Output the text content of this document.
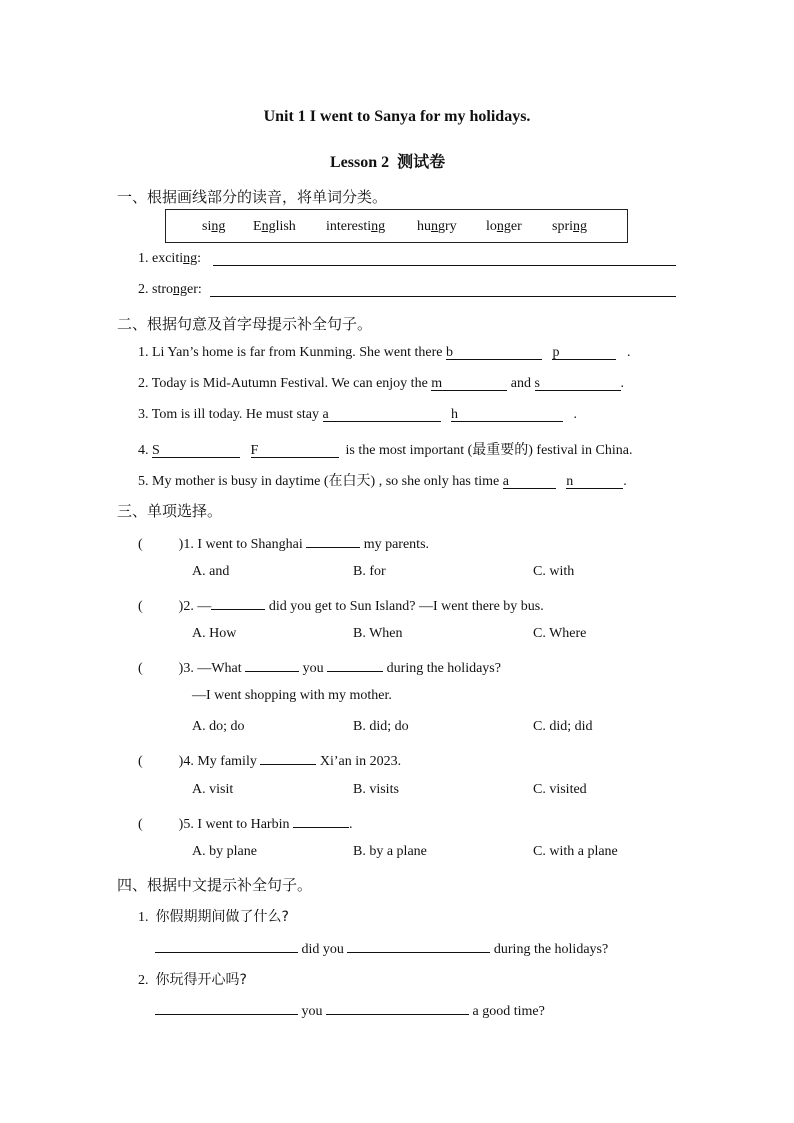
Unit 1 I went to Sanya for my holidays.
Lesson 2 测试卷
一、根据画线部分的读音，将单词分类。
sing English interesting hungry longer spring
1. exciting:
2. stronger:
二、根据句意及首字母提示补全句子。
1. Li Yan’s home is far from Kunming. She went there b	p	.
2. Today is Mid-Autumn Festival. We can enjoy the m	and s	.
3. Tom is ill today. He must stay a	h	.
4. S	F	is the most important (最重要的) festival in China.
5. My mother is busy in daytime (在白天) , so she only has time a	n	.
三、单项选择。
(	)1. I went to Shanghai	my parents.
A. and	B. for	C. with
(	)2. —	did you get to Sun Island? —I went there by bus.
A. How	B. When	C. Where
(	)3. —What	you	during the holidays?
—I went shopping with my mother.
A. do; do	B. did; do	C. did; did
(	)4. My family	Xi’an in 2023.
A. visit	B. visits	C. visited
(	)5. I went to Harbin	.
A. by plane	B. by a plane	C. with a plane
四、根据中文提示补全句子。
1. 你假期期间做了什么?
did you	during the holidays?
2. 你玩得开心吗?
you	a good time?
